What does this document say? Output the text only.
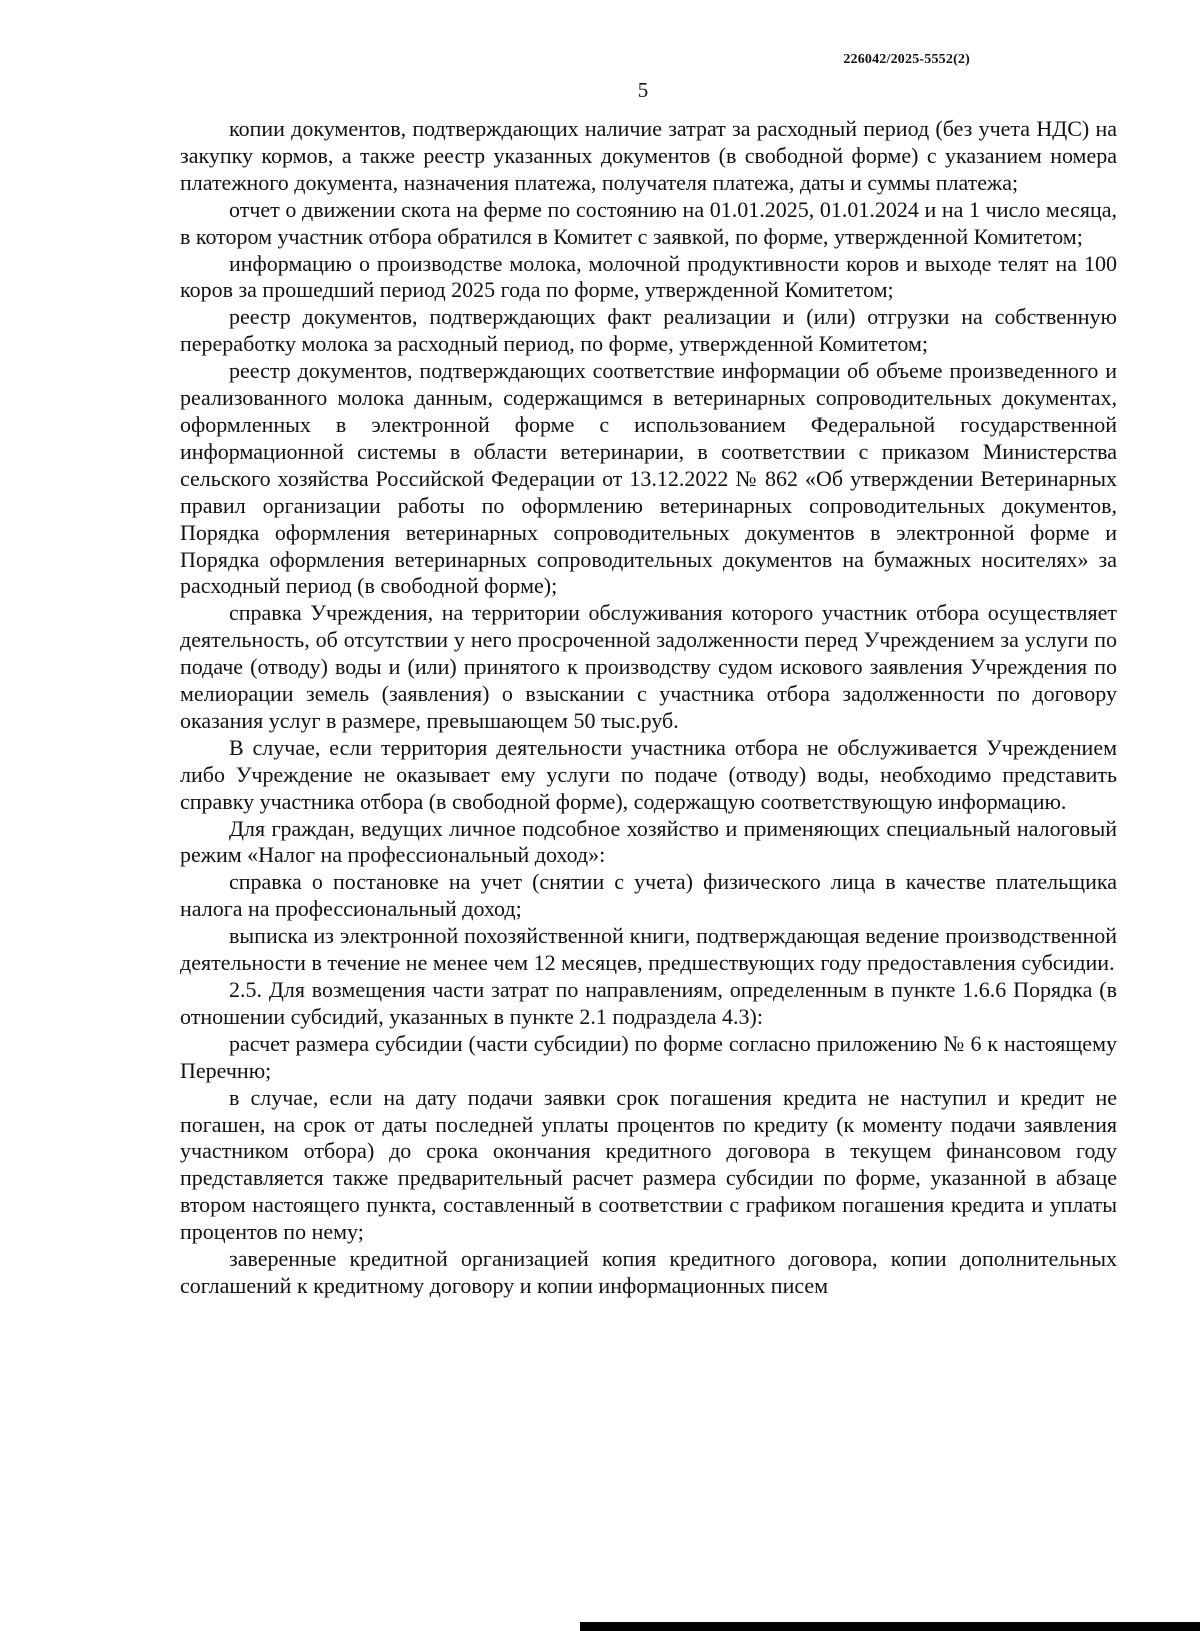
226042/2025-5552(2)
5

копии документов, подтверждающих наличие затрат за расходный период (без учета НДС) на закупку кормов, а также реестр указанных документов (в свободной форме) с указанием номера платежного документа, назначения платежа, получателя платежа, даты и суммы платежа;

отчет о движении скота на ферме по состоянию на 01.01.2025, 01.01.2024 и на 1 число месяца, в котором участник отбора обратился в Комитет с заявкой, по форме, утвержденной Комитетом;

информацию о производстве молока, молочной продуктивности коров и выходе телят на 100 коров за прошедший период 2025 года по форме, утвержденной Комитетом;

реестр документов, подтверждающих факт реализации и (или) отгрузки на собственную переработку молока за расходный период, по форме, утвержденной Комитетом;

реестр документов, подтверждающих соответствие информации об объеме произведенного и реализованного молока данным, содержащимся в ветеринарных сопроводительных документах, оформленных в электронной форме с использованием Федеральной государственной информационной системы в области ветеринарии, в соответствии с приказом Министерства сельского хозяйства Российской Федерации от 13.12.2022 № 862 «Об утверждении Ветеринарных правил организации работы по оформлению ветеринарных сопроводительных документов, Порядка оформления ветеринарных сопроводительных документов в электронной форме и Порядка оформления ветеринарных сопроводительных документов на бумажных носителях» за расходный период (в свободной форме);

справка Учреждения, на территории обслуживания которого участник отбора осуществляет деятельность, об отсутствии у него просроченной задолженности перед Учреждением за услуги по подаче (отводу) воды и (или) принятого к производству судом искового заявления Учреждения по мелиорации земель (заявления) о взыскании с участника отбора задолженности по договору оказания услуг в размере, превышающем 50 тыс.руб.

В случае, если территория деятельности участника отбора не обслуживается Учреждением либо Учреждение не оказывает ему услуги по подаче (отводу) воды, необходимо представить справку участника отбора (в свободной форме), содержащую соответствующую информацию.

Для граждан, ведущих личное подсобное хозяйство и применяющих специальный налоговый режим «Налог на профессиональный доход»:

справка о постановке на учет (снятии с учета) физического лица в качестве плательщика налога на профессиональный доход;

выписка из электронной похозяйственной книги, подтверждающая ведение производственной деятельности в течение не менее чем 12 месяцев, предшествующих году предоставления субсидии.

2.5. Для возмещения части затрат по направлениям, определенным в пункте 1.6.6 Порядка (в отношении субсидий, указанных в пункте 2.1 подраздела 4.3):

расчет размера субсидии (части субсидии) по форме согласно приложению № 6 к настоящему Перечню;

в случае, если на дату подачи заявки срок погашения кредита не наступил и кредит не погашен, на срок от даты последней уплаты процентов по кредиту (к моменту подачи заявления участником отбора) до срока окончания кредитного договора в текущем финансовом году представляется также предварительный расчет размера субсидии по форме, указанной в абзаце втором настоящего пункта, составленный в соответствии с графиком погашения кредита и уплаты процентов по нему;

заверенные кредитной организацией копия кредитного договора, копии дополнительных соглашений к кредитному договору и копии информационных писем
